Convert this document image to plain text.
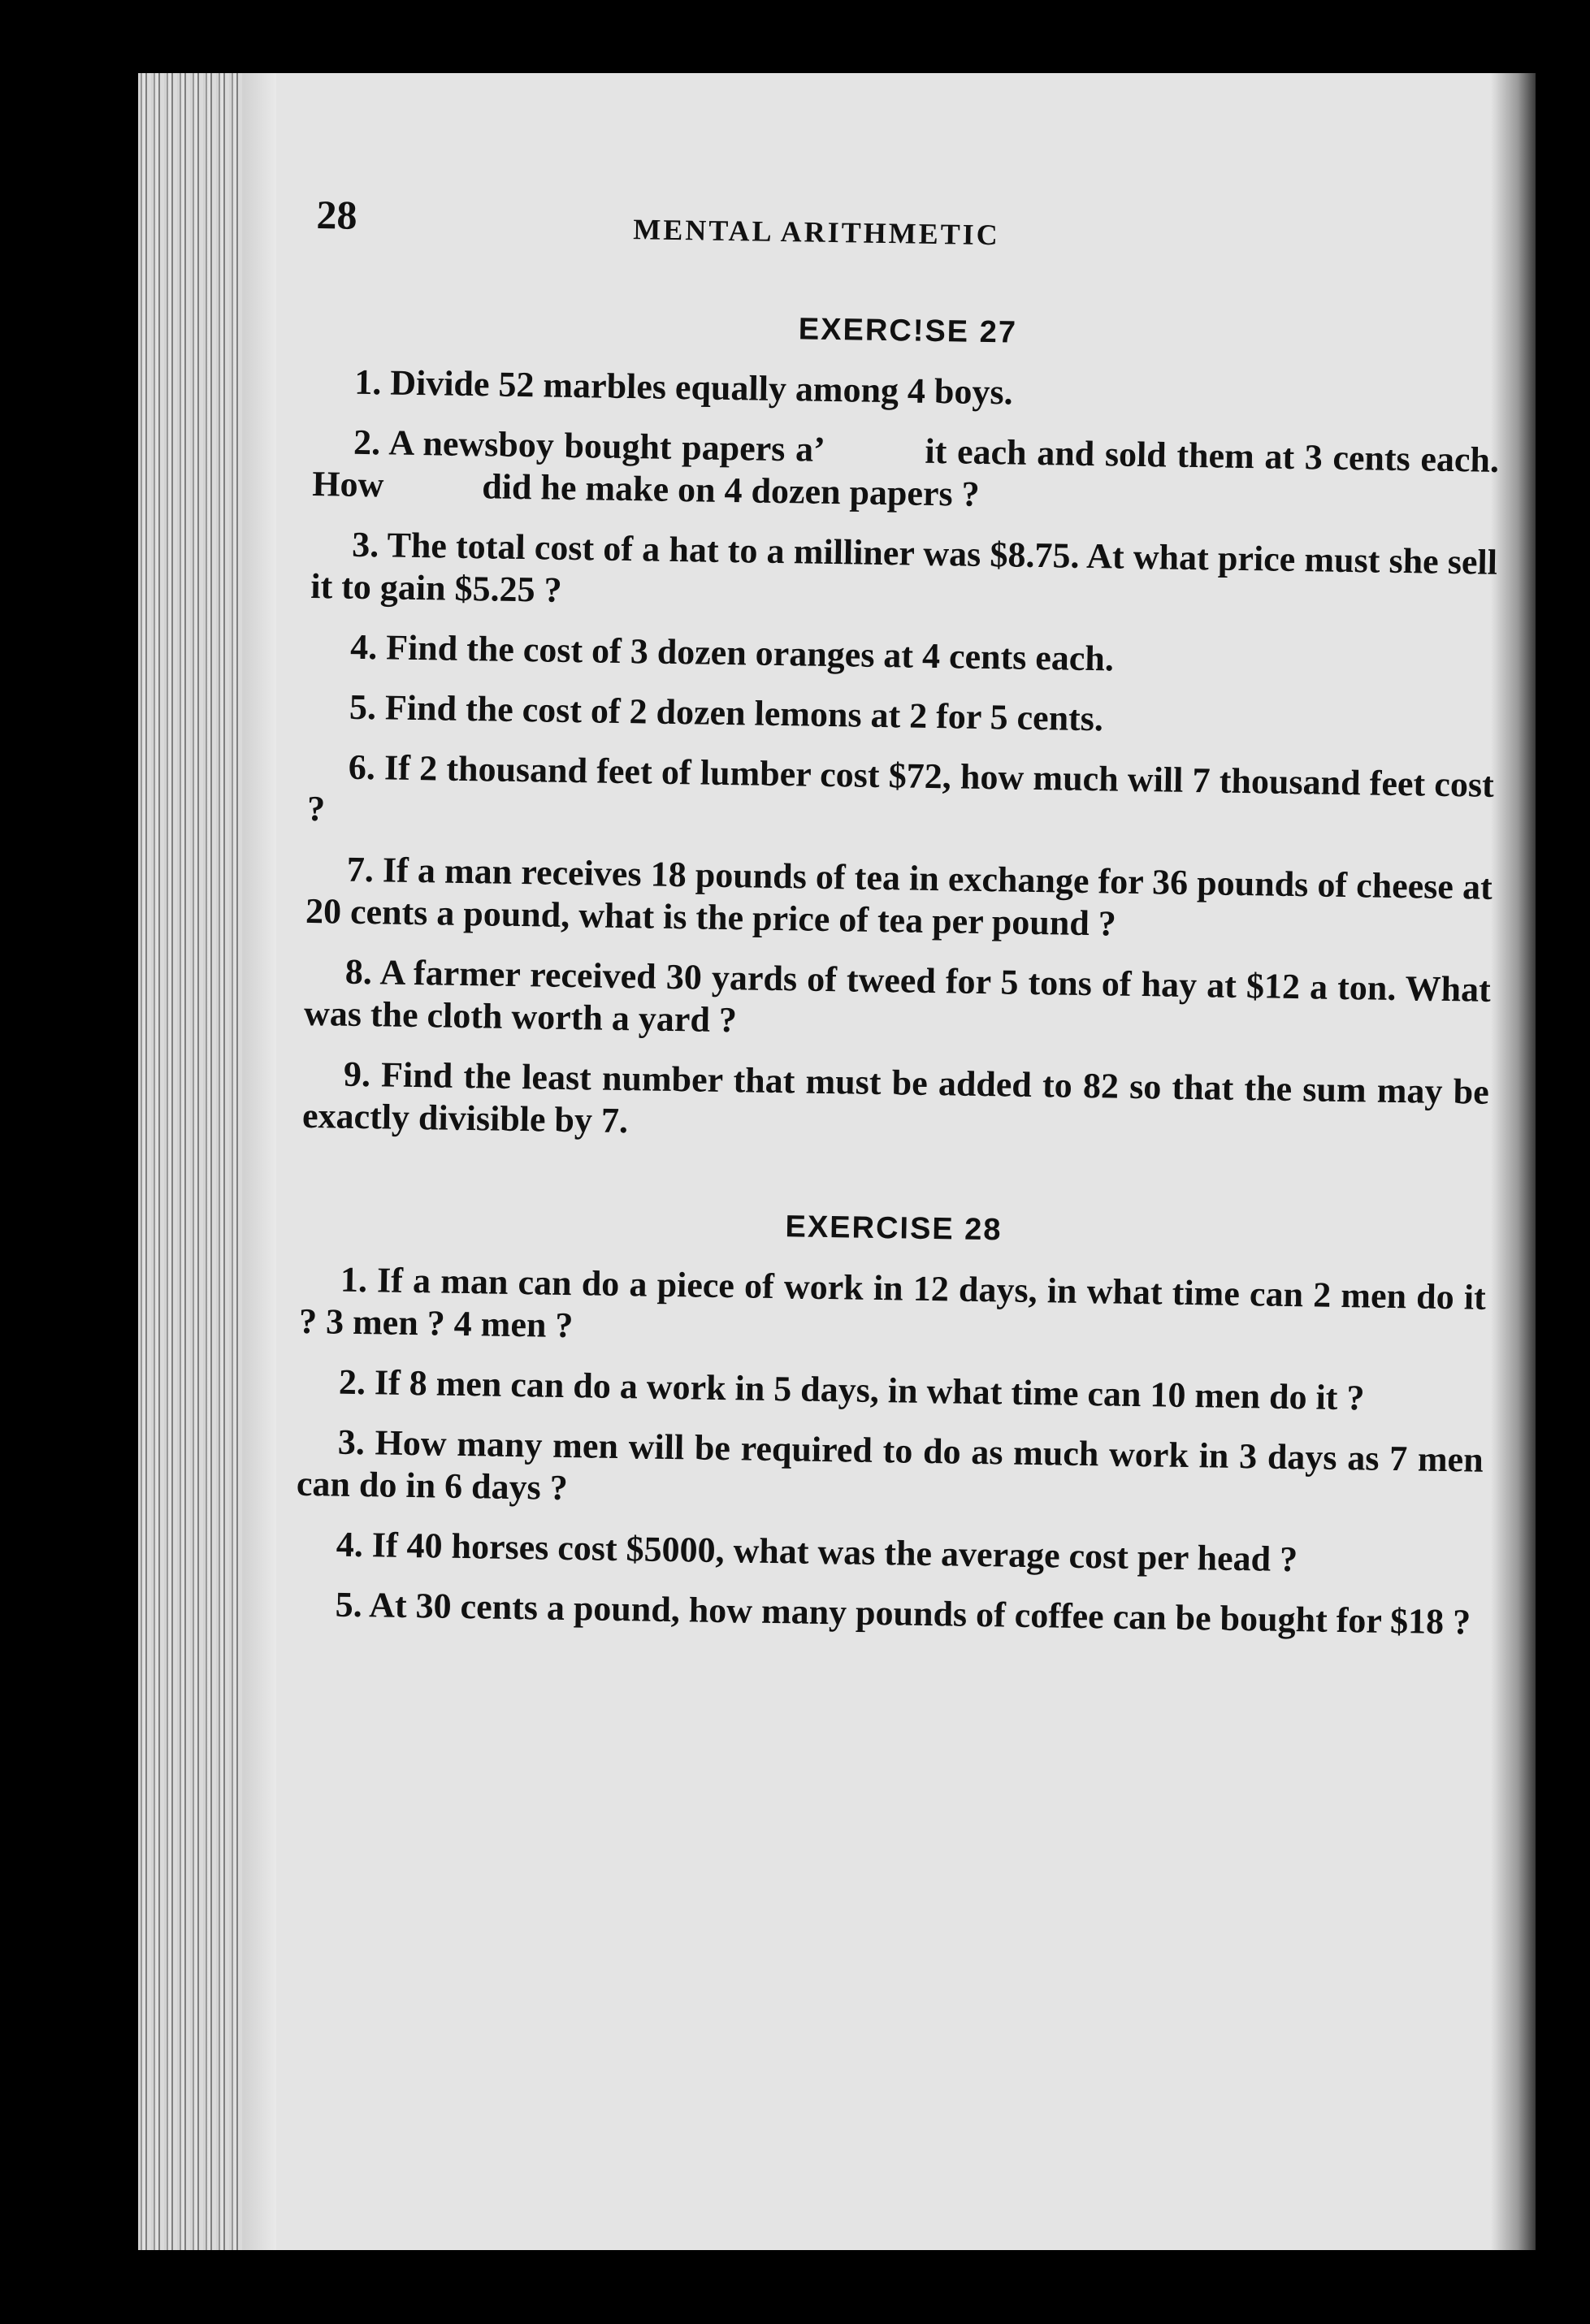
28	MENTAL ARITHMETIC
EXERC!SE 27

1. Divide 52 marbles equally among 4 boys.

2. A newsboy bought papers a’     it each and sold them at 3 cents each. How     did he make on 4 dozen papers ?

3. The total cost of a hat to a milliner was $8.75. At what price must she sell it to gain $5.25 ?

4. Find the cost of 3 dozen oranges at 4 cents each.

5. Find the cost of 2 dozen lemons at 2 for 5 cents.

6. If 2 thousand feet of lumber cost $72, how much will 7 thousand feet cost ?

7. If a man receives 18 pounds of tea in exchange for 36 pounds of cheese at 20 cents a pound, what is the price of tea per pound ?

8. A farmer received 30 yards of tweed for 5 tons of hay at $12 a ton. What was the cloth worth a yard ?

9. Find the least number that must be added to 82 so that the sum may be exactly divisible by 7.

EXERCISE 28

1. If a man can do a piece of work in 12 days, in what time can 2 men do it ? 3 men ? 4 men ?

2. If 8 men can do a work in 5 days, in what time can 10 men do it ?

3. How many men will be required to do as much work in 3 days as 7 men can do in 6 days ?

4. If 40 horses cost $5000, what was the average cost per head ?

5. At 30 cents a pound, how many pounds of coffee can be bought for $18 ?
